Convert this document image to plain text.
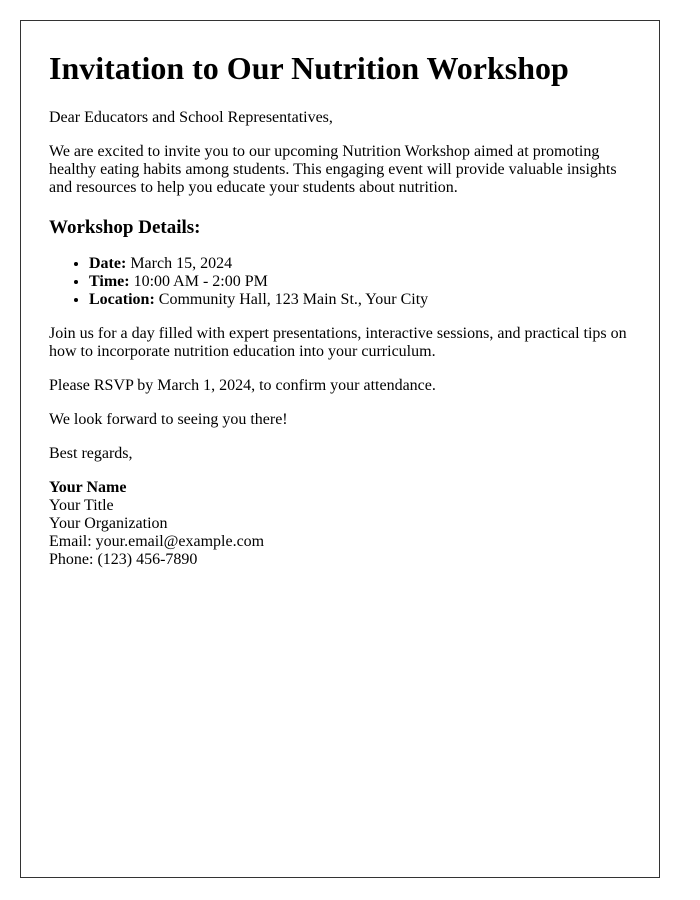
Invitation to Our Nutrition Workshop

Dear Educators and School Representatives,

We are excited to invite you to our upcoming Nutrition Workshop aimed at promoting healthy eating habits among students. This engaging event will provide valuable insights and resources to help you educate your students about nutrition.

Workshop Details:
• Date: March 15, 2024
• Time: 10:00 AM - 2:00 PM
• Location: Community Hall, 123 Main St., Your City

Join us for a day filled with expert presentations, interactive sessions, and practical tips on how to incorporate nutrition education into your curriculum.

Please RSVP by March 1, 2024, to confirm your attendance.

We look forward to seeing you there!

Best regards,

Your Name
Your Title
Your Organization
Email: your.email@example.com
Phone: (123) 456-7890
